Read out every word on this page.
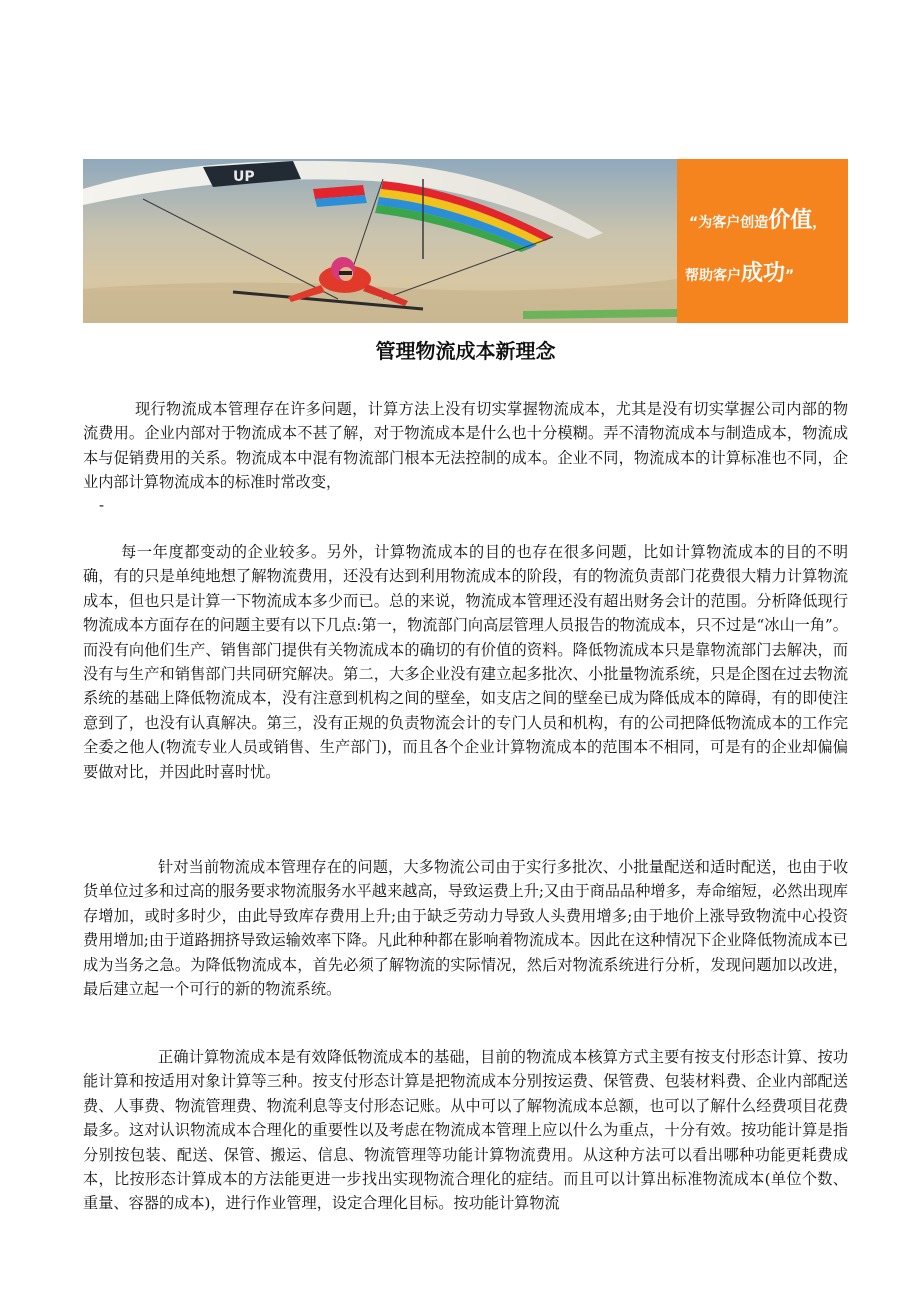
UP
“为客户创造价值，
帮助客户成功”
管理物流成本新理念

现行物流成本管理存在许多问题，计算方法上没有切实掌握物流成本，尤其是没有切实掌握公司内部的物流费用。企业内部对于物流成本不甚了解，对于物流成本是什么也十分模糊。弄不清物流成本与制造成本，物流成本与促销费用的关系。物流成本中混有物流部门根本无法控制的成本。企业不同，物流成本的计算标准也不同，企业内部计算物流成本的标准时常改变，

-

每一年度都变动的企业较多。另外，计算物流成本的目的也存在很多问题，比如计算物流成本的目的不明确，有的只是单纯地想了解物流费用，还没有达到利用物流成本的阶段，有的物流负责部门花费很大精力计算物流成本，但也只是计算一下物流成本多少而已。总的来说，物流成本管理还没有超出财务会计的范围。分析降低现行物流成本方面存在的问题主要有以下几点:第一，物流部门向高层管理人员报告的物流成本，只不过是“冰山一角”。而没有向他们生产、销售部门提供有关物流成本的确切的有价值的资料。降低物流成本只是靠物流部门去解决，而没有与生产和销售部门共同研究解决。第二，大多企业没有建立起多批次、小批量物流系统，只是企图在过去物流系统的基础上降低物流成本，没有注意到机构之间的壁垒，如支店之间的壁垒已成为降低成本的障碍，有的即使注意到了，也没有认真解决。第三，没有正规的负责物流会计的专门人员和机构，有的公司把降低物流成本的工作完全委之他人(物流专业人员或销售、生产部门)，而且各个企业计算物流成本的范围本不相同，可是有的企业却偏偏要做对比，并因此时喜时忧。

针对当前物流成本管理存在的问题，大多物流公司由于实行多批次、小批量配送和适时配送，也由于收货单位过多和过高的服务要求物流服务水平越来越高，导致运费上升;又由于商品品种增多，寿命缩短，必然出现库存增加，或时多时少，由此导致库存费用上升;由于缺乏劳动力导致人头费用增多;由于地价上涨导致物流中心投资费用增加;由于道路拥挤导致运输效率下降。凡此种种都在影响着物流成本。因此在这种情况下企业降低物流成本已成为当务之急。为降低物流成本，首先必须了解物流的实际情况，然后对物流系统进行分析，发现问题加以改进，最后建立起一个可行的新的物流系统。

正确计算物流成本是有效降低物流成本的基础，目前的物流成本核算方式主要有按支付形态计算、按功能计算和按适用对象计算等三种。按支付形态计算是把物流成本分别按运费、保管费、包装材料费、企业内部配送费、人事费、物流管理费、物流利息等支付形态记账。从中可以了解物流成本总额，也可以了解什么经费项目花费最多。这对认识物流成本合理化的重要性以及考虑在物流成本管理上应以什么为重点，十分有效。按功能计算是指分别按包装、配送、保管、搬运、信息、物流管理等功能计算物流费用。从这种方法可以看出哪种功能更耗费成本，比按形态计算成本的方法能更进一步找出实现物流合理化的症结。而且可以计算出标准物流成本(单位个数、重量、容器的成本)，进行作业管理，设定合理化目标。按功能计算物流
